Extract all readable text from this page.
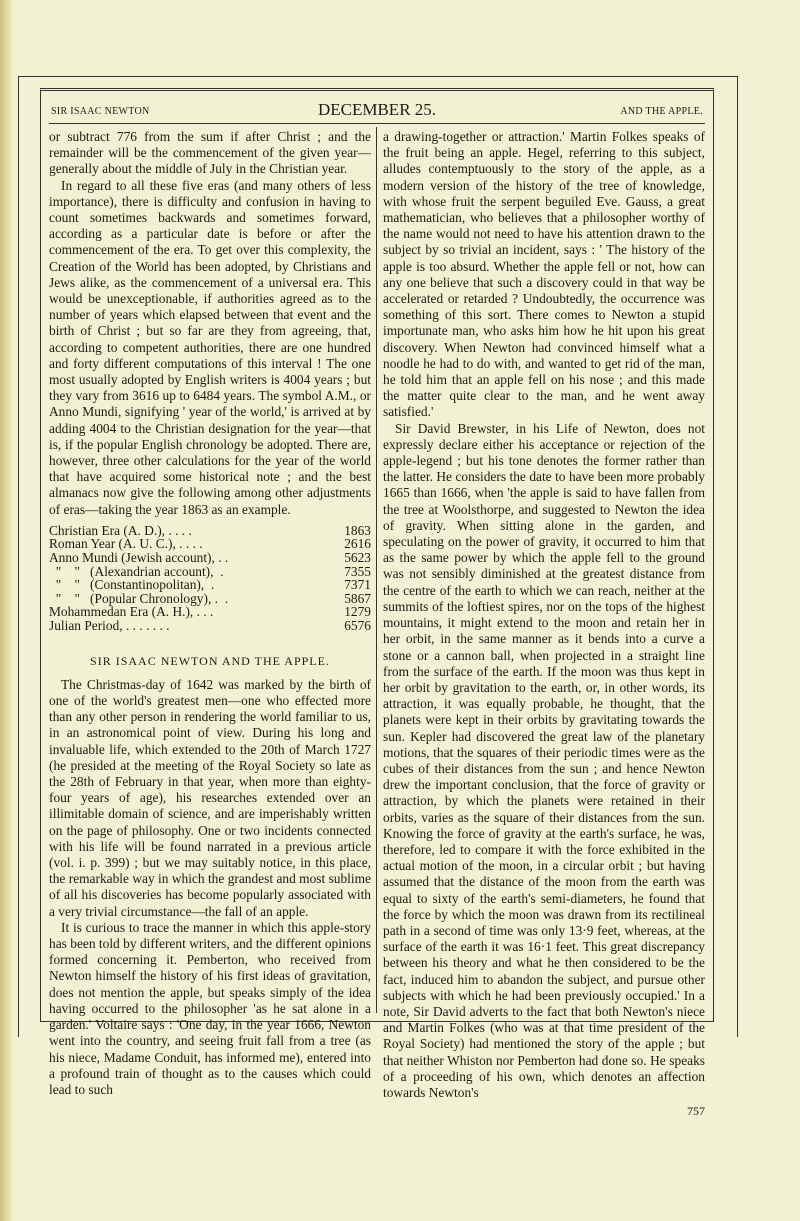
SIR ISAAC NEWTON	DECEMBER 25.	AND THE APPLE.

or subtract 776 from the sum if after Christ ; and the remainder will be the commencement of the given year—generally about the middle of July in the Christian year.

In regard to all these five eras (and many others of less importance), there is difficulty and confusion in having to count sometimes backwards and sometimes forward, according as a particular date is before or after the commencement of the era. To get over this complexity, the Creation of the World has been adopted, by Christians and Jews alike, as the commencement of a universal era. This would be unexceptionable, if authorities agreed as to the number of years which elapsed between that event and the birth of Christ ; but so far are they from agreeing, that, according to competent authorities, there are one hundred and forty different computations of this interval ! The one most usually adopted by English writers is 4004 years ; but they vary from 3616 up to 6484 years. The symbol A.M., or Anno Mundi, signifying ' year of the world,' is arrived at by adding 4004 to the Christian designation for the year—that is, if the popular English chronology be adopted. There are, however, three other calculations for the year of the world that have acquired some historical note ; and the best almanacs now give the following among other adjustments of eras—taking the year 1863 as an example.

Christian Era (A. D.), . . . .	1863
Roman Year (A. U. C.), . . . .	2616
Anno Mundi (Jewish account), . .	5623
"    "   (Alexandrian account),  .	7355
"    "   (Constantinopolitan),  .	7371
"    "   (Popular Chronology), .  .	5867
Mohammedan Era (A. H.), . . .	1279
Julian Period, . . . . . . .	6576
SIR ISAAC NEWTON AND THE APPLE.

The Christmas-day of 1642 was marked by the birth of one of the world's greatest men—one who effected more than any other person in rendering the world familiar to us, in an astronomical point of view. During his long and invaluable life, which extended to the 20th of March 1727 (he presided at the meeting of the Royal Society so late as the 28th of February in that year, when more than eighty-four years of age), his researches extended over an illimitable domain of science, and are imperishably written on the page of philosophy. One or two incidents connected with his life will be found narrated in a previous article (vol. i. p. 399) ; but we may suitably notice, in this place, the remarkable way in which the grandest and most sublime of all his discoveries has become popularly associated with a very trivial circumstance—the fall of an apple.

It is curious to trace the manner in which this apple-story has been told by different writers, and the different opinions formed concerning it. Pemberton, who received from Newton himself the history of his first ideas of gravitation, does not mention the apple, but speaks simply of the idea having occurred to the philosopher 'as he sat alone in a garden.' Voltaire says : 'One day, in the year 1666, Newton went into the country, and seeing fruit fall from a tree (as his niece, Madame Conduit, has informed me), entered into a profound train of thought as to the causes which could lead to such

a drawing-together or attraction.' Martin Folkes speaks of the fruit being an apple. Hegel, referring to this subject, alludes contemptuously to the story of the apple, as a modern version of the history of the tree of knowledge, with whose fruit the serpent beguiled Eve. Gauss, a great mathematician, who believes that a philosopher worthy of the name would not need to have his attention drawn to the subject by so trivial an incident, says : ' The history of the apple is too absurd. Whether the apple fell or not, how can any one believe that such a discovery could in that way be accelerated or retarded ? Undoubtedly, the occurrence was something of this sort. There comes to Newton a stupid importunate man, who asks him how he hit upon his great discovery. When Newton had convinced himself what a noodle he had to do with, and wanted to get rid of the man, he told him that an apple fell on his nose ; and this made the matter quite clear to the man, and he went away satisfied.'

Sir David Brewster, in his Life of Newton, does not expressly declare either his acceptance or rejection of the apple-legend ; but his tone denotes the former rather than the latter. He considers the date to have been more probably 1665 than 1666, when 'the apple is said to have fallen from the tree at Woolsthorpe, and suggested to Newton the idea of gravity. When sitting alone in the garden, and speculating on the power of gravity, it occurred to him that as the same power by which the apple fell to the ground was not sensibly diminished at the greatest distance from the centre of the earth to which we can reach, neither at the summits of the loftiest spires, nor on the tops of the highest mountains, it might extend to the moon and retain her in her orbit, in the same manner as it bends into a curve a stone or a cannon ball, when projected in a straight line from the surface of the earth. If the moon was thus kept in her orbit by gravitation to the earth, or, in other words, its attraction, it was equally probable, he thought, that the planets were kept in their orbits by gravitating towards the sun. Kepler had discovered the great law of the planetary motions, that the squares of their periodic times were as the cubes of their distances from the sun ; and hence Newton drew the important conclusion, that the force of gravity or attraction, by which the planets were retained in their orbits, varies as the square of their distances from the sun. Knowing the force of gravity at the earth's surface, he was, therefore, led to compare it with the force exhibited in the actual motion of the moon, in a circular orbit ; but having assumed that the distance of the moon from the earth was equal to sixty of the earth's semi-diameters, he found that the force by which the moon was drawn from its rectilineal path in a second of time was only 13·9 feet, whereas, at the surface of the earth it was 16·1 feet. This great discrepancy between his theory and what he then considered to be the fact, induced him to abandon the subject, and pursue other subjects with which he had been previously occupied.' In a note, Sir David adverts to the fact that both Newton's niece and Martin Folkes (who was at that time president of the Royal Society) had mentioned the story of the apple ; but that neither Whiston nor Pemberton had done so. He speaks of a proceeding of his own, which denotes an affection towards Newton's

757
